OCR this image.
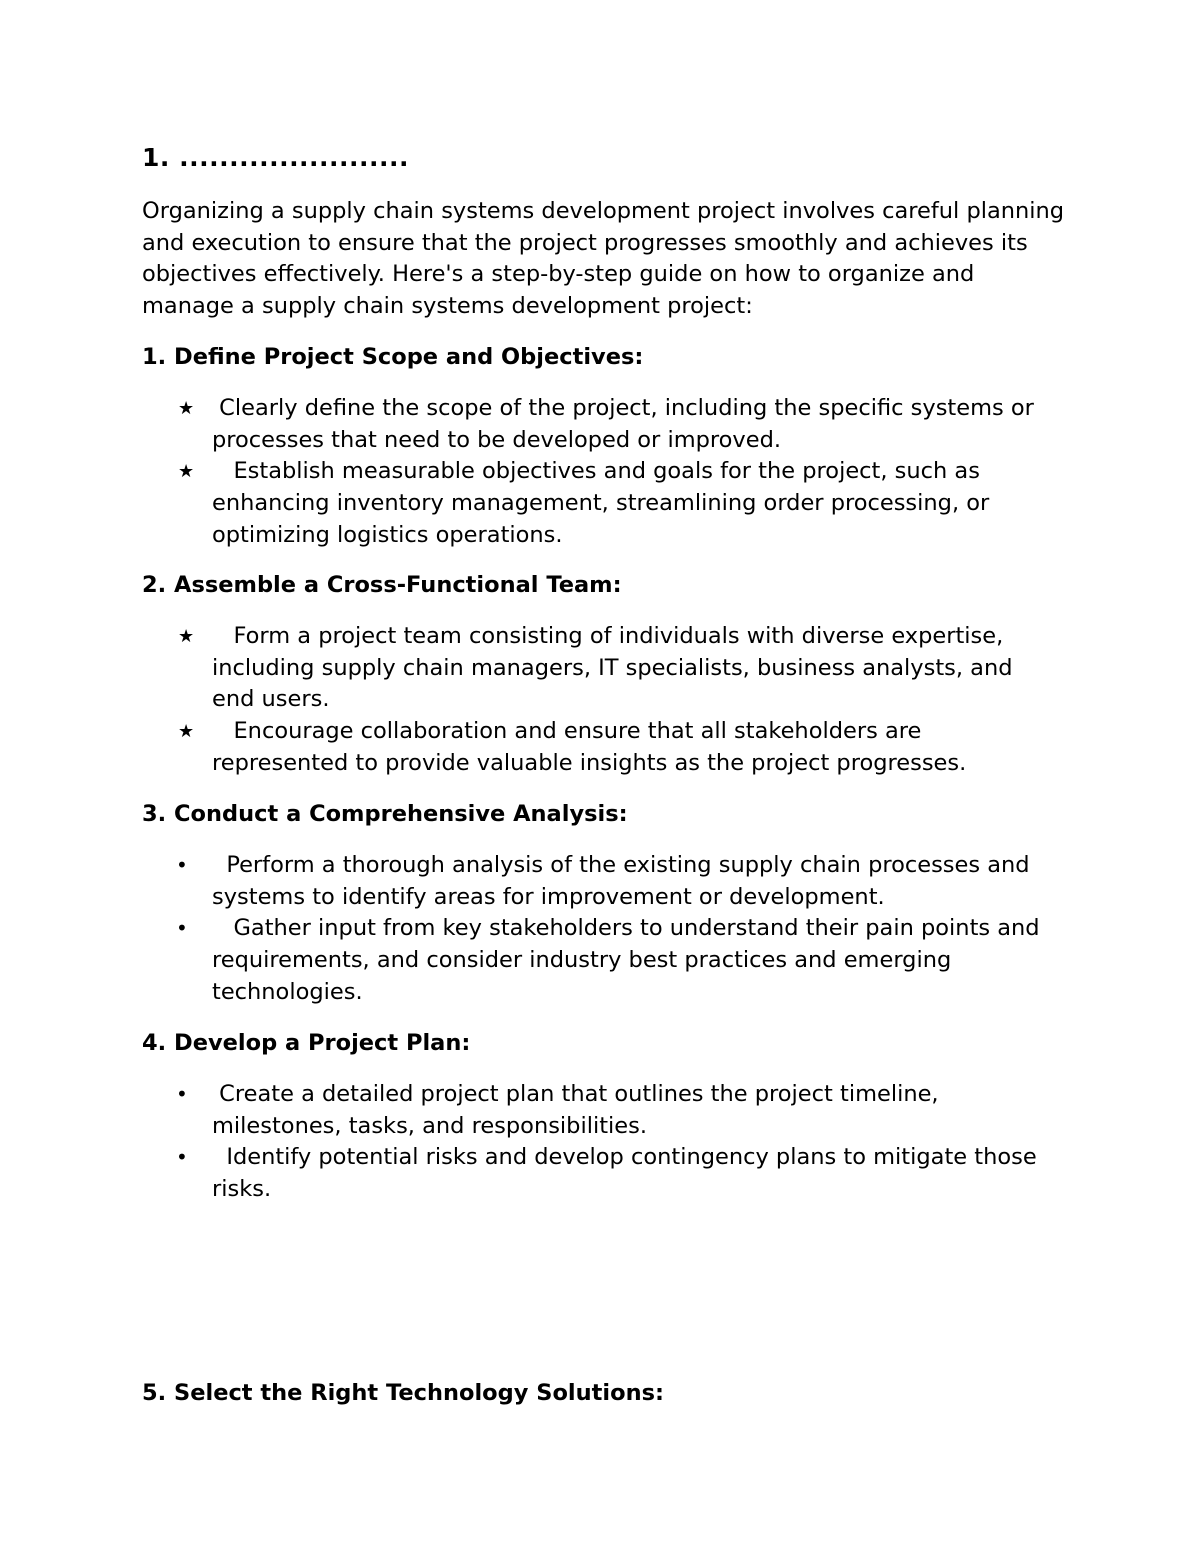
1. .......................

Organizing a supply chain systems development project involves careful planning and execution to ensure that the project progresses smoothly and achieves its objectives effectively. Here's a step-by-step guide on how to organize and manage a supply chain systems development project:

1. Define Project Scope and Objectives:
★ Clearly define the scope of the project, including the specific systems or processes that need to be developed or improved.
★ Establish measurable objectives and goals for the project, such as enhancing inventory management, streamlining order processing, or optimizing logistics operations.
2. Assemble a Cross-Functional Team:
★ Form a project team consisting of individuals with diverse expertise, including supply chain managers, IT specialists, business analysts, and end users.
★ Encourage collaboration and ensure that all stakeholders are represented to provide valuable insights as the project progresses.
3. Conduct a Comprehensive Analysis:
• Perform a thorough analysis of the existing supply chain processes and systems to identify areas for improvement or development.
• Gather input from key stakeholders to understand their pain points and requirements, and consider industry best practices and emerging technologies.
4. Develop a Project Plan:
• Create a detailed project plan that outlines the project timeline, milestones, tasks, and responsibilities.
• Identify potential risks and develop contingency plans to mitigate those risks.
5. Select the Right Technology Solutions:
